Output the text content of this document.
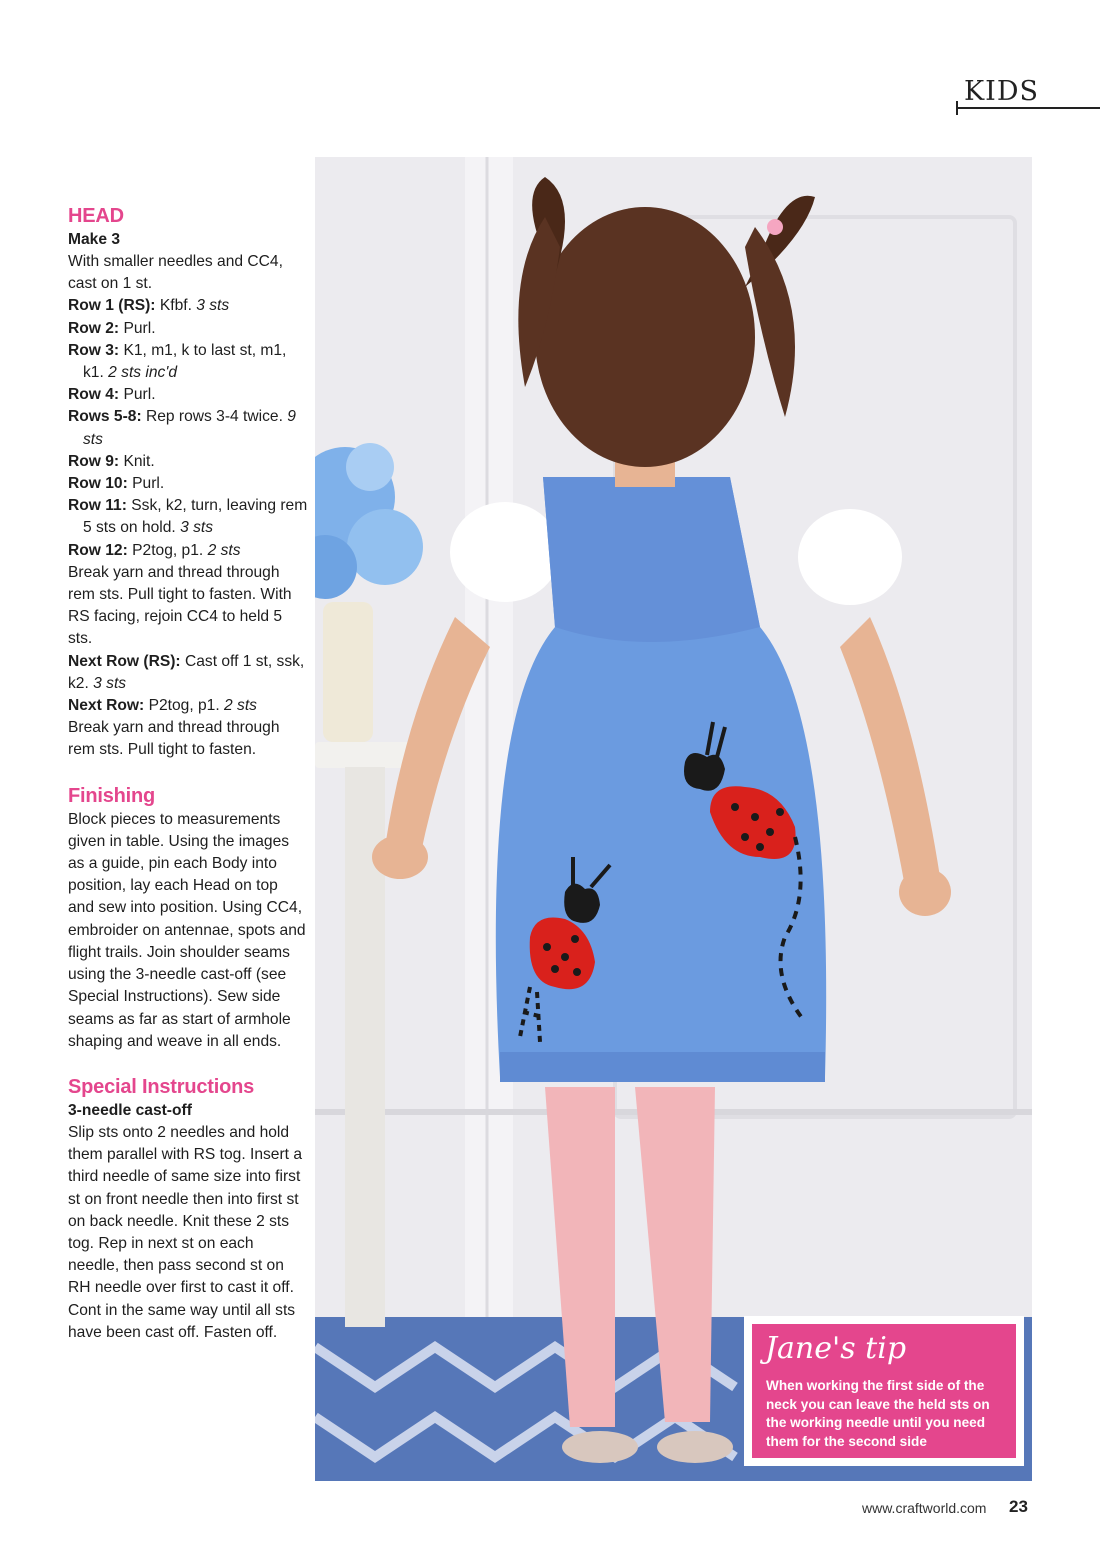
KIDS
HEAD
Make 3

With smaller needles and CC4, cast on 1 st.

Row 1 (RS): Kfbf. 3 sts

Row 2: Purl.

Row 3: K1, m1, k to last st, m1, k1. 2 sts inc'd

Row 4: Purl.

Rows 5-8: Rep rows 3-4 twice. 9 sts

Row 9: Knit.

Row 10: Purl.

Row 11: Ssk, k2, turn, leaving rem 5 sts on hold. 3 sts

Row 12: P2tog, p1. 2 sts

Break yarn and thread through rem sts. Pull tight to fasten. With RS facing, rejoin CC4 to held 5 sts.

Next Row (RS): Cast off 1 st, ssk, k2. 3 sts

Next Row: P2tog, p1. 2 sts

Break yarn and thread through rem sts. Pull tight to fasten.

Finishing

Block pieces to measurements given in table. Using the images as a guide, pin each Body into position, lay each Head on top and sew into position. Using CC4, embroider on antennae, spots and flight trails. Join shoulder seams using the 3-needle cast-off (see Special Instructions). Sew side seams as far as start of armhole shaping and weave in all ends.

Special Instructions
3-needle cast-off

Slip sts onto 2 needles and hold them parallel with RS tog. Insert a third needle of same size into first st on front needle then into first st on back needle. Knit these 2 sts tog. Rep in next st on each needle, then pass second st on RH needle over first to cast it off. Cont in the same way until all sts have been cast off. Fasten off.	Jane's tip
When working the first side of the neck you can leave the held sts on the working needle until you need them for the second side
www.craftworld.com 23
